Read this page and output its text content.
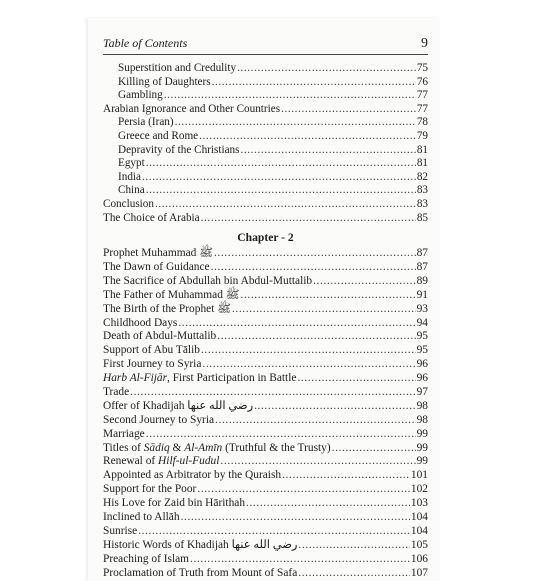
Table of Contents	9
Superstition and Credulity .....	75
Killing of Daughters .....	76
Gambling .....	77
Arabian Ignorance and Other Countries .....	77
Persia (Iran) .....	78
Greece and Rome .....	79
Depravity of the Christians .....	81
Egypt .....	81
India .....	82
China .....	83
Conclusion .....	83
The Choice of Arabia .....	85
Chapter - 2
Prophet Muhammad ﷺ .....	87
The Dawn of Guidance .....	87
The Sacrifice of Abdullah bin Abdul-Muttalib .....	89
The Father of Muhammad ﷺ .....	91
The Birth of the Prophet ﷺ .....	93
Childhood Days .....	94
Death of Abdul-Muttalib .....	95
Support of Abu Tālib .....	95
First Journey to Syria .....	96
Harb Al-Fijār, First Participation in Battle .....	96
Trade .....	97
Offer of Khadijah رضي الله عنها .....	98
Second Journey to Syria .....	98
Marriage .....	99
Titles of Sādiq & Al-Amīn (Truthful & the Trusty) .....	99
Renewal of Hilf-ul-Fudul .....	99
Appointed as Arbitrator by the Quraish .....	101
Support for the Poor .....	102
His Love for Zaid bin Hārithah .....	103
Inclined to Allāh .....	104
Sunrise .....	104
Historic Words of Khadijah رضي الله عنها .....	105
Preaching of Islam .....	106
Proclamation of Truth from Mount of Safa .....	107
